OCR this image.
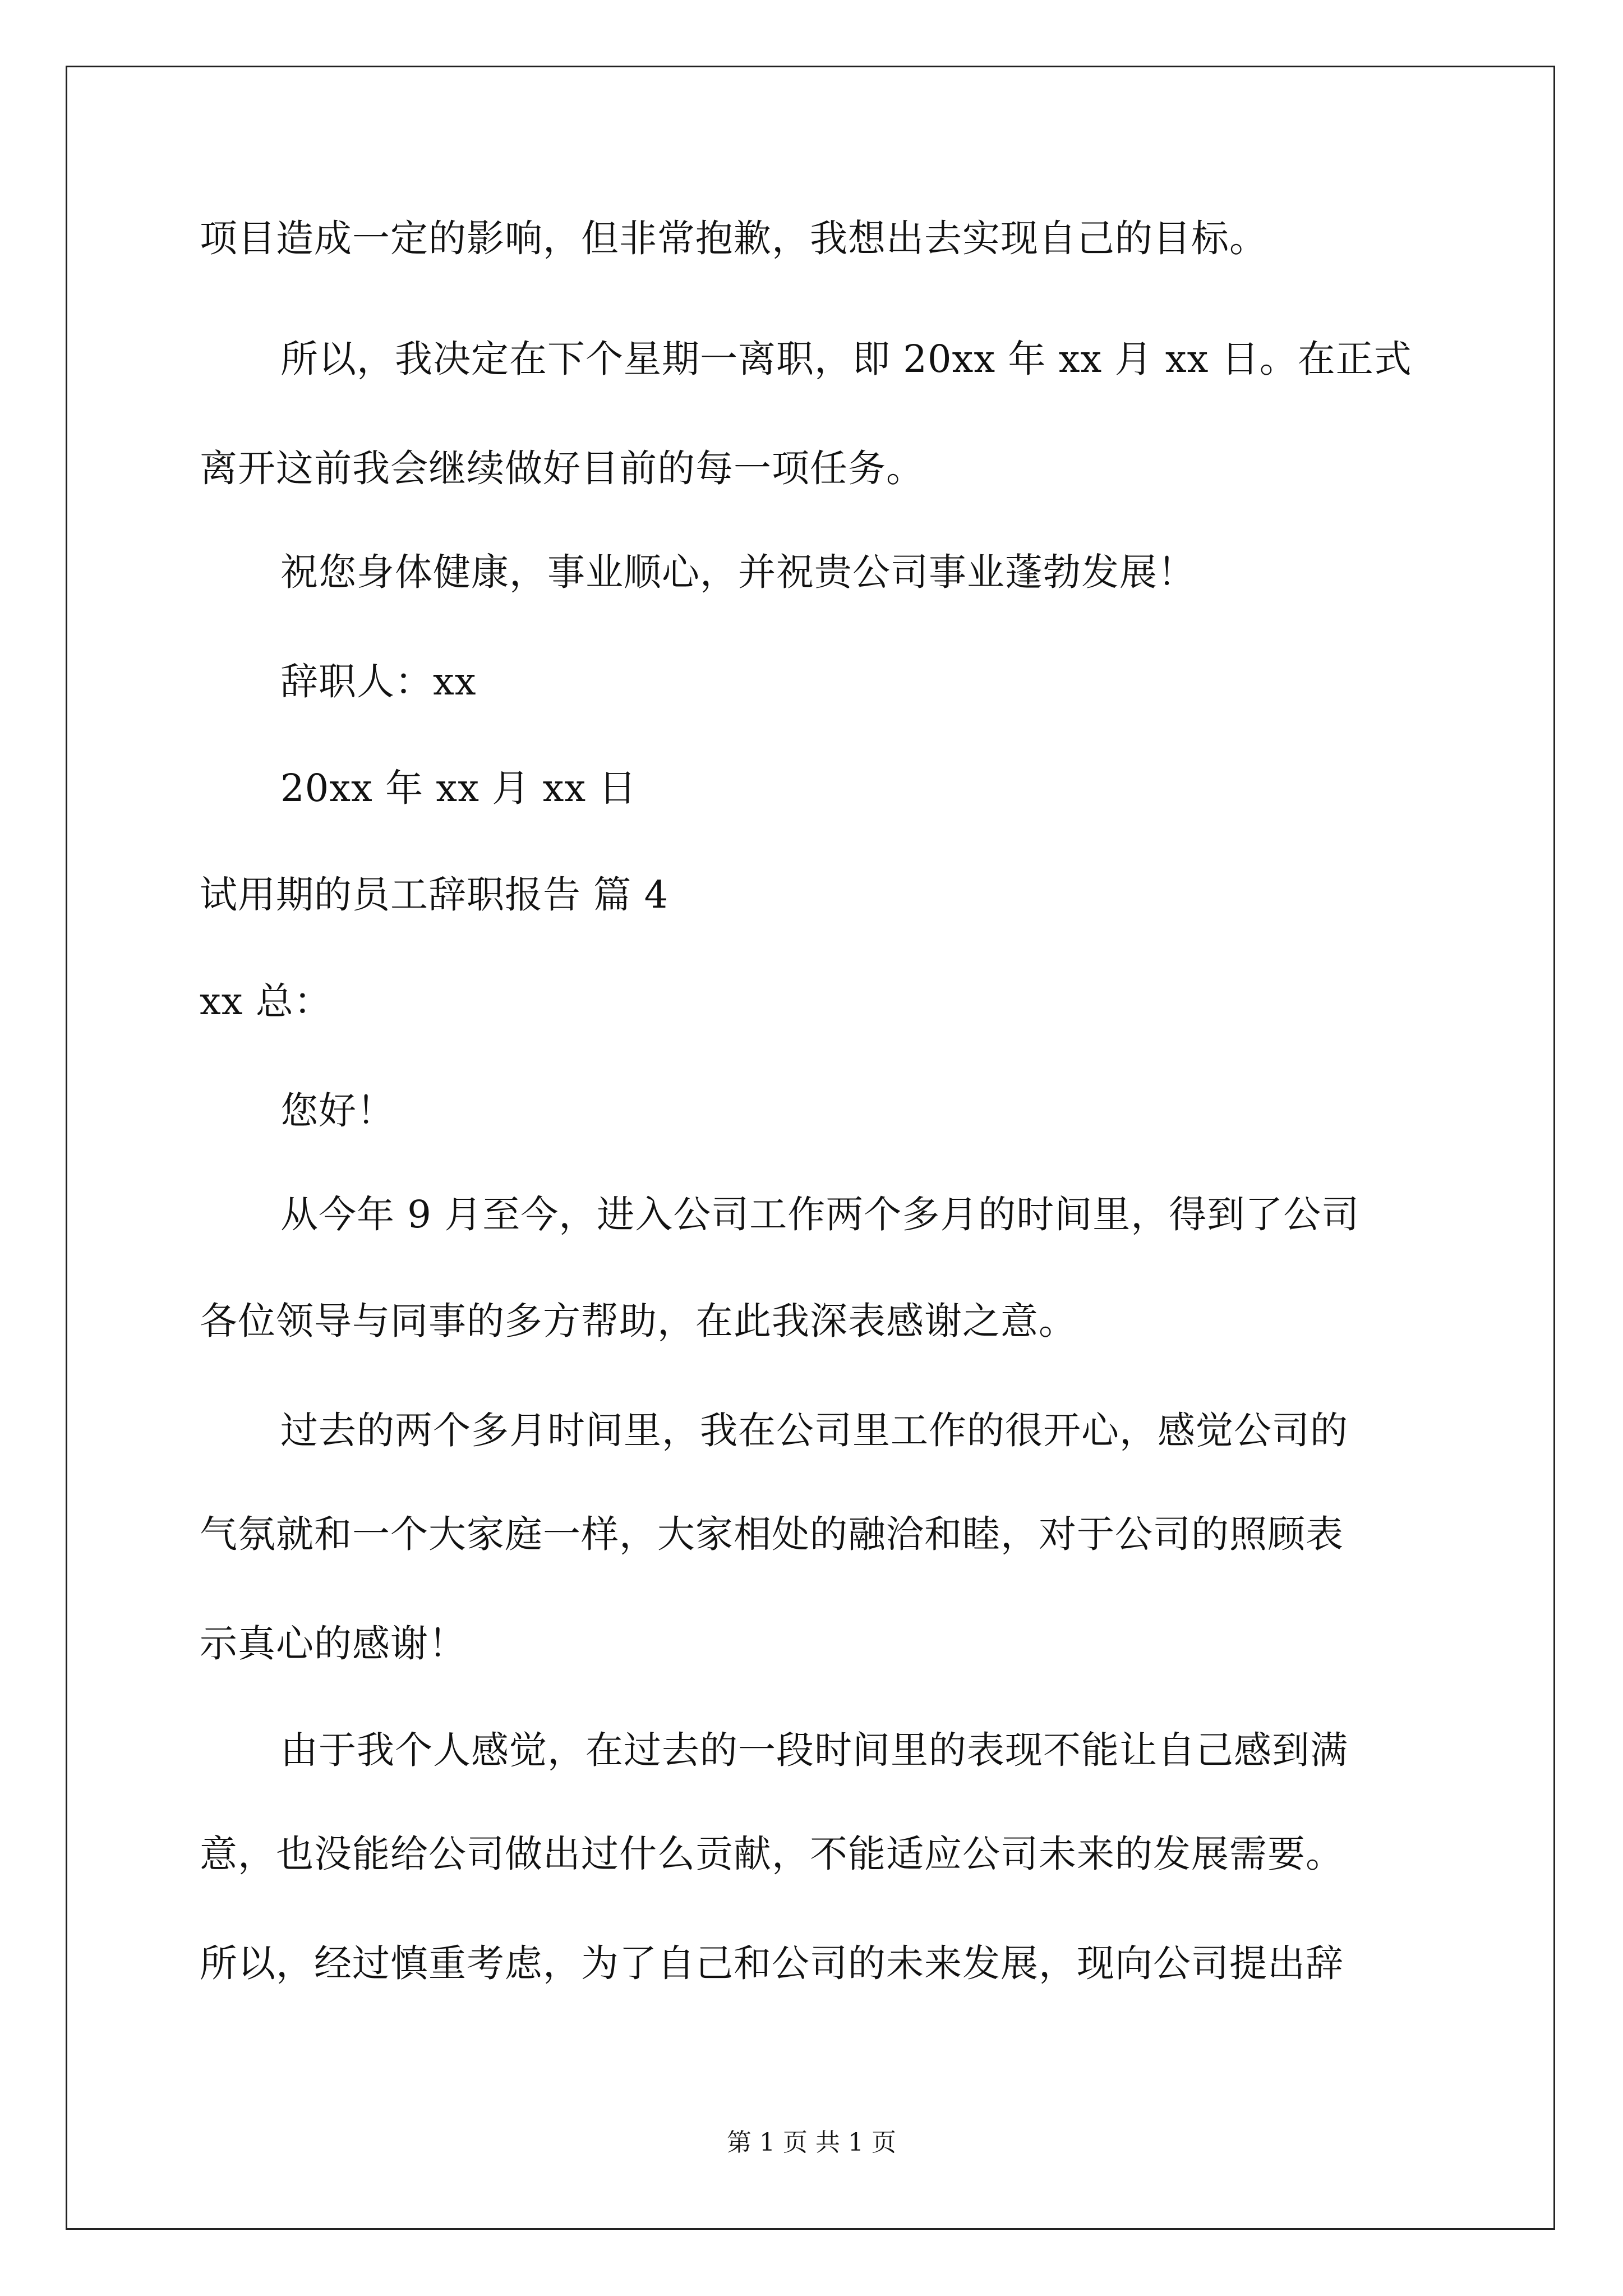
项目造成一定的影响，但非常抱歉，我想出去实现自己的目标。
所以，我决定在下个星期一离职，即 20xx 年 xx 月 xx 日。在正式
离开这前我会继续做好目前的每一项任务。
祝您身体健康，事业顺心，并祝贵公司事业蓬勃发展！
辞职人：xx
20xx 年 xx 月 xx 日
试用期的员工辞职报告 篇 4
xx 总：
您好！
从今年 9 月至今，进入公司工作两个多月的时间里，得到了公司
各位领导与同事的多方帮助，在此我深表感谢之意。
过去的两个多月时间里，我在公司里工作的很开心，感觉公司的
气氛就和一个大家庭一样，大家相处的融洽和睦，对于公司的照顾表
示真心的感谢！
由于我个人感觉，在过去的一段时间里的表现不能让自己感到满
意，也没能给公司做出过什么贡献，不能适应公司未来的发展需要。
所以，经过慎重考虑，为了自己和公司的未来发展，现向公司提出辞
第 1 页 共 1 页
